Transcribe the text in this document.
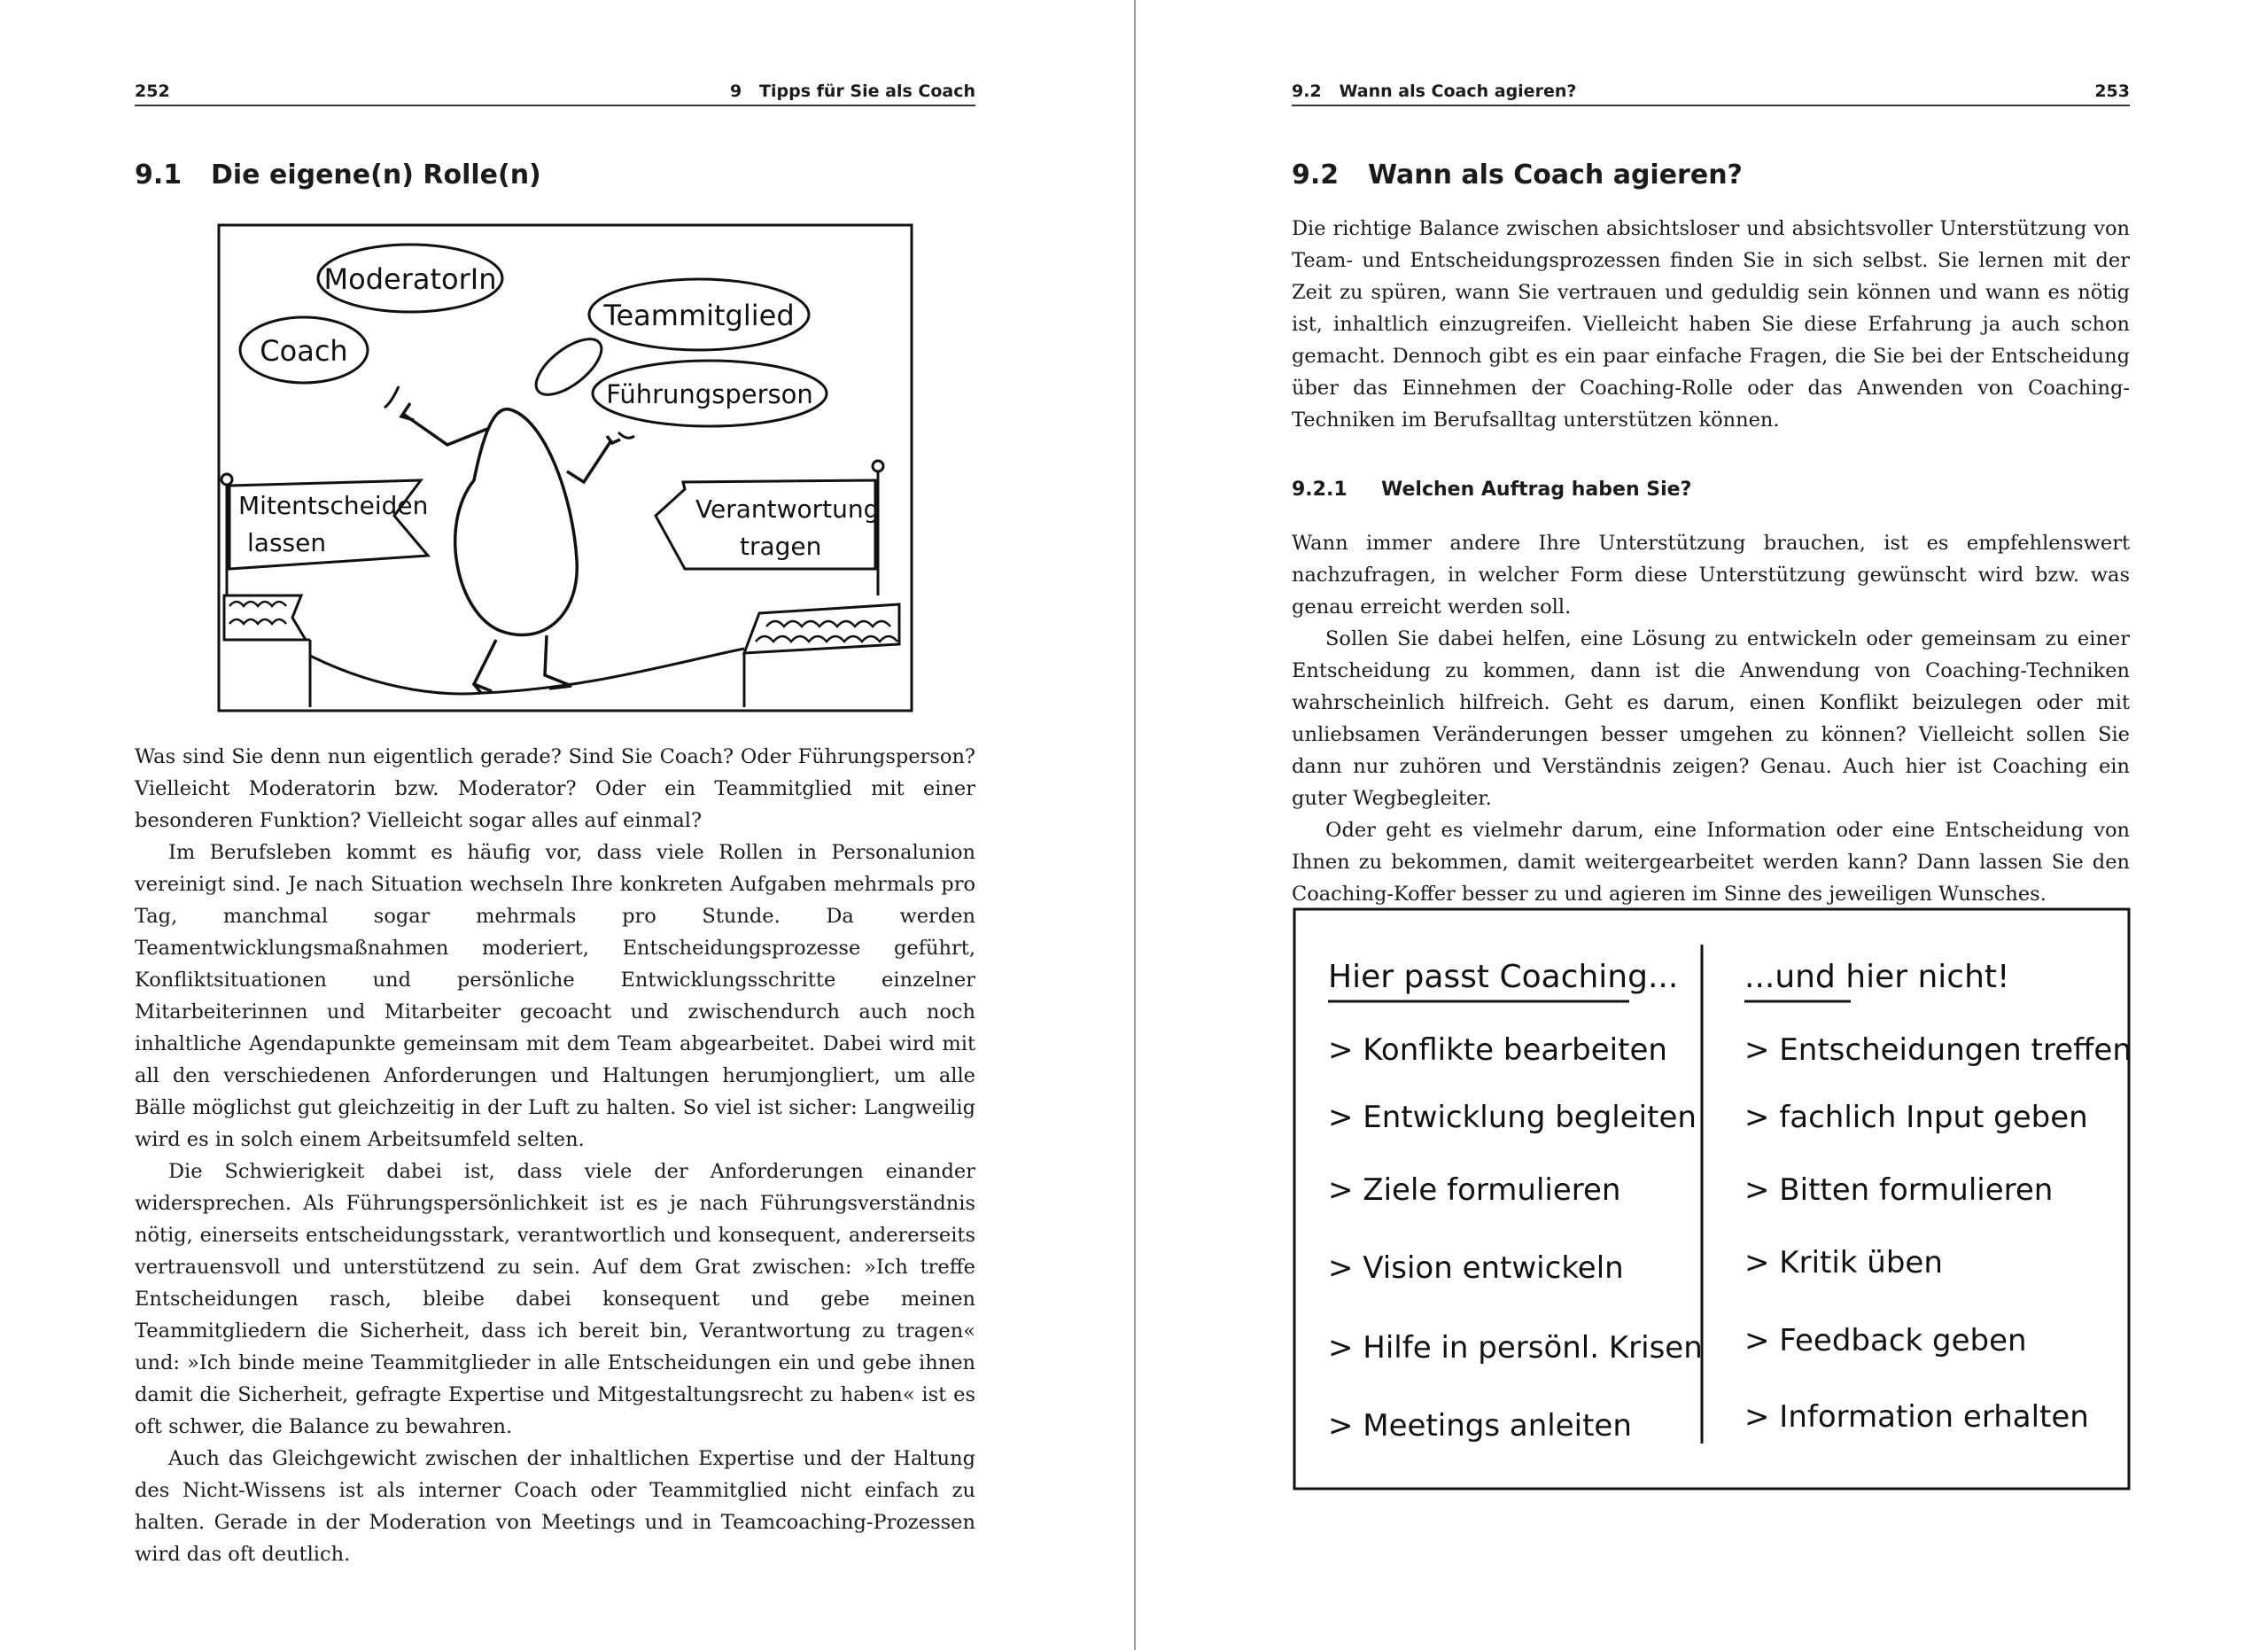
252	9   Tipps für Sie als Coach
9.1 Die eigene(n) Rolle(n)
ModeratorIn
Coach
Teammitglied
Führungsperson
Mitentscheiden
lassen
Verantwortung
tragen

Was sind Sie denn nun eigentlich gerade? Sind Sie Coach? Oder Führungsperson? Vielleicht Moderatorin bzw. Moderator? Oder ein Teammitglied mit einer besonderen Funktion? Vielleicht sogar alles auf einmal?

Im Berufsleben kommt es häufig vor, dass viele Rollen in Personalunion vereinigt sind. Je nach Situation wechseln Ihre konkreten Aufgaben mehrmals pro Tag, manchmal sogar mehrmals pro Stunde. Da werden Teamentwicklungsmaßnahmen moderiert, Entscheidungsprozesse geführt, Konfliktsituationen und persönliche Entwicklungsschritte einzelner Mitarbeiterinnen und Mitarbeiter gecoacht und zwischendurch auch noch inhaltliche Agendapunkte gemeinsam mit dem Team abgearbeitet. Dabei wird mit all den verschiedenen Anforderungen und Haltungen herumjongliert, um alle Bälle möglichst gut gleichzeitig in der Luft zu halten. So viel ist sicher: Langweilig wird es in solch einem Arbeitsumfeld selten.

Die Schwierigkeit dabei ist, dass viele der Anforderungen einander widersprechen. Als Führungspersönlichkeit ist es je nach Führungsverständnis nötig, einerseits entscheidungsstark, verantwortlich und konsequent, andererseits vertrauensvoll und unterstützend zu sein. Auf dem Grat zwischen: »Ich treffe Entscheidungen rasch, bleibe dabei konsequent und gebe meinen Teammitgliedern die Sicherheit, dass ich bereit bin, Verantwortung zu tragen« und: »Ich binde meine Teammitglieder in alle Entscheidungen ein und gebe ihnen damit die Sicherheit, gefragte Expertise und Mitgestaltungsrecht zu haben« ist es oft schwer, die Balance zu bewahren.

Auch das Gleichgewicht zwischen der inhaltlichen Expertise und der Haltung des Nicht-Wissens ist als interner Coach oder Teammitglied nicht einfach zu halten. Gerade in der Moderation von Meetings und in Teamcoaching-Prozessen wird das oft deutlich.

9.2   Wann als Coach agieren?	253
9.2 Wann als Coach agieren?

Die richtige Balance zwischen absichtsloser und absichtsvoller Unterstützung von Team- und Entscheidungsprozessen finden Sie in sich selbst. Sie lernen mit der Zeit zu spüren, wann Sie vertrauen und geduldig sein können und wann es nötig ist, inhaltlich einzugreifen. Vielleicht haben Sie diese Erfahrung ja auch schon gemacht. Dennoch gibt es ein paar einfache Fragen, die Sie bei der Entscheidung über das Einnehmen der Coaching-Rolle oder das Anwenden von Coaching-Techniken im Berufsalltag unterstützen können.

9.2.1 Welchen Auftrag haben Sie?

Wann immer andere Ihre Unterstützung brauchen, ist es empfehlenswert nachzufragen, in welcher Form diese Unterstützung gewünscht wird bzw. was genau erreicht werden soll.

Sollen Sie dabei helfen, eine Lösung zu entwickeln oder gemeinsam zu einer Entscheidung zu kommen, dann ist die Anwendung von Coaching-Techniken wahrscheinlich hilfreich. Geht es darum, einen Konflikt beizulegen oder mit unliebsamen Veränderungen besser umgehen zu können? Vielleicht sollen Sie dann nur zuhören und Verständnis zeigen? Genau. Auch hier ist Coaching ein guter Wegbegleiter.

Oder geht es vielmehr darum, eine Information oder eine Entscheidung von Ihnen zu bekommen, damit weitergearbeitet werden kann? Dann lassen Sie den Coaching-Koffer besser zu und agieren im Sinne des jeweiligen Wunsches.

Hier passt Coaching... ...und hier nicht!
> Konflikte bearbeiten
> Entwicklung begleiten
> Ziele formulieren
> Vision entwickeln
> Hilfe in persönl. Krisen
> Meetings anleiten
> Entscheidungen treffen
> fachlich Input geben
> Bitten formulieren
> Kritik üben
> Feedback geben
> Information erhalten
